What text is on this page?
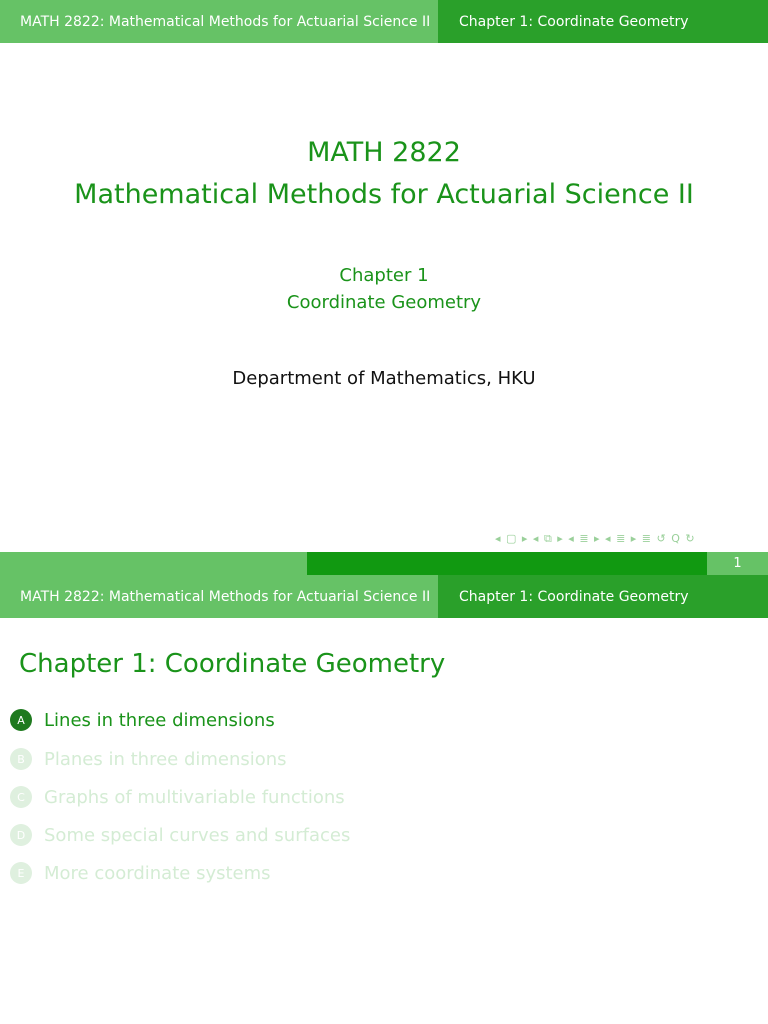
MATH 2822: Mathematical Methods for Actuarial Science II	Chapter 1: Coordinate Geometry
MATH 2822
Mathematical Methods for Actuarial Science II
Chapter 1
Coordinate Geometry
Department of Mathematics, HKU
◂ ▢ ▸ ◂ ⧉ ▸ ◂ ≣ ▸ ◂ ≣ ▸ ≣ ↺ Q ↻
1
MATH 2822: Mathematical Methods for Actuarial Science II	Chapter 1: Coordinate Geometry
Chapter 1: Coordinate Geometry
A	Lines in three dimensions
B	Planes in three dimensions
C	Graphs of multivariable functions
D	Some special curves and surfaces
E	More coordinate systems
